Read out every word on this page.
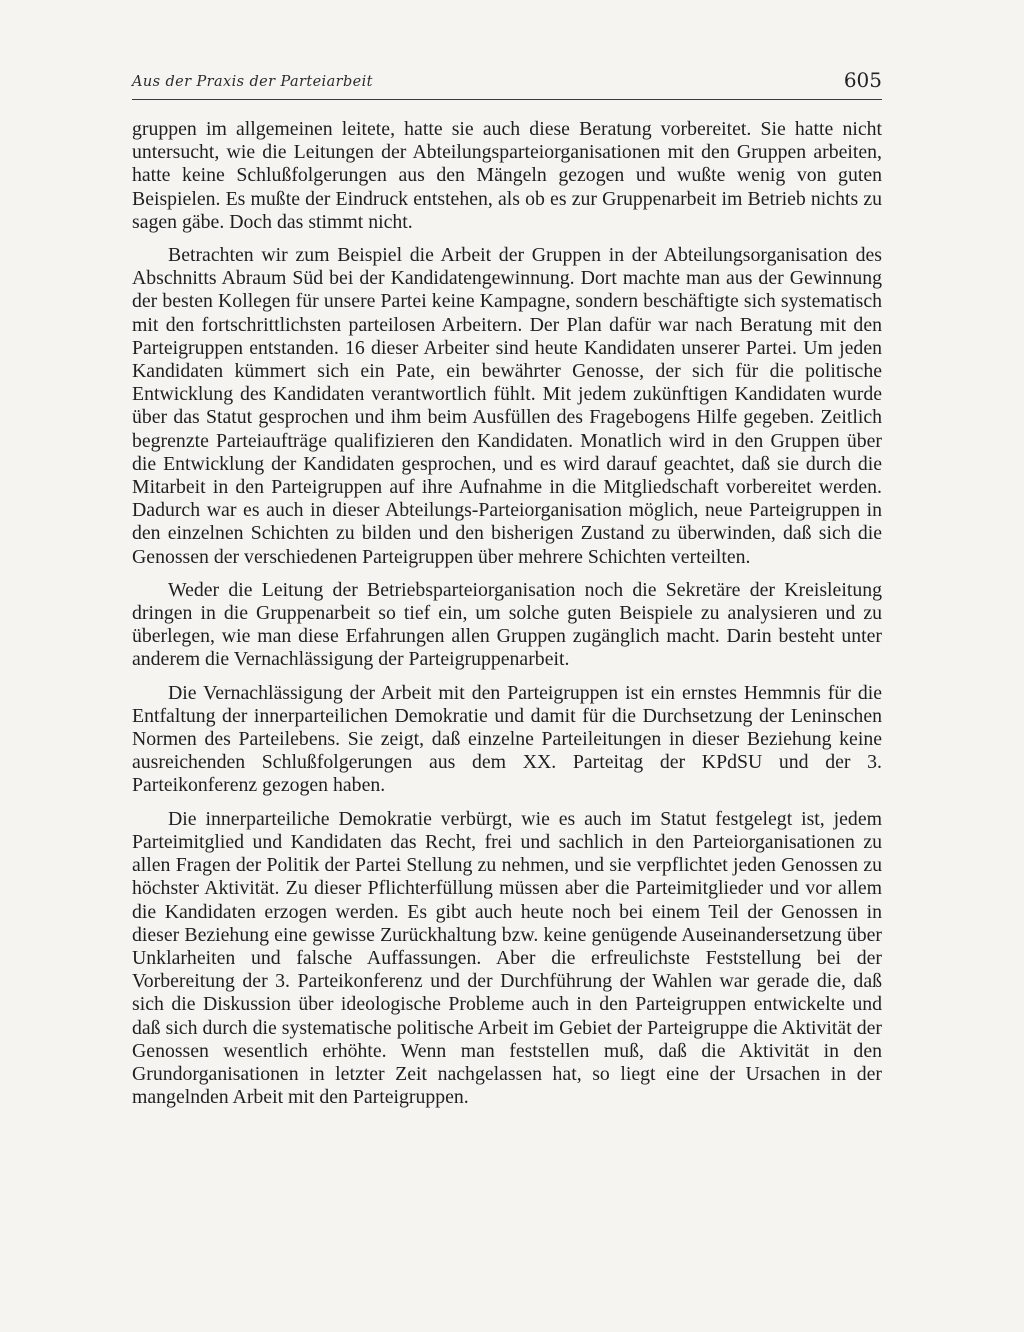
Aus der Praxis der Parteiarbeit	605

gruppen im allgemeinen leitete, hatte sie auch diese Beratung vorbereitet. Sie hatte nicht untersucht, wie die Leitungen der Abteilungsparteiorganisationen mit den Gruppen arbeiten, hatte keine Schlußfolgerungen aus den Mängeln gezogen und wußte wenig von guten Beispielen. Es mußte der Eindruck entstehen, als ob es zur Gruppenarbeit im Betrieb nichts zu sagen gäbe. Doch das stimmt nicht.

Betrachten wir zum Beispiel die Arbeit der Gruppen in der Abteilungsorganisation des Abschnitts Abraum Süd bei der Kandidatengewinnung. Dort machte man aus der Gewinnung der besten Kollegen für unsere Partei keine Kampagne, sondern beschäftigte sich systematisch mit den fortschrittlichsten parteilosen Arbeitern. Der Plan dafür war nach Beratung mit den Parteigruppen entstanden. 16 dieser Arbeiter sind heute Kandidaten unserer Partei. Um jeden Kandidaten kümmert sich ein Pate, ein bewährter Genosse, der sich für die politische Entwicklung des Kandidaten verantwortlich fühlt. Mit jedem zukünftigen Kandidaten wurde über das Statut gesprochen und ihm beim Ausfüllen des Fragebogens Hilfe gegeben. Zeitlich begrenzte Parteiaufträge qualifizieren den Kandidaten. Monatlich wird in den Gruppen über die Entwicklung der Kandidaten gesprochen, und es wird darauf geachtet, daß sie durch die Mitarbeit in den Parteigruppen auf ihre Aufnahme in die Mitgliedschaft vorbereitet werden. Dadurch war es auch in dieser Abteilungs-Parteiorganisation möglich, neue Parteigruppen in den einzelnen Schichten zu bilden und den bisherigen Zustand zu überwinden, daß sich die Genossen der verschiedenen Parteigruppen über mehrere Schichten verteilten.

Weder die Leitung der Betriebsparteiorganisation noch die Sekretäre der Kreisleitung dringen in die Gruppenarbeit so tief ein, um solche guten Beispiele zu analysieren und zu überlegen, wie man diese Erfahrungen allen Gruppen zugänglich macht. Darin besteht unter anderem die Vernachlässigung der Parteigruppenarbeit.

Die Vernachlässigung der Arbeit mit den Parteigruppen ist ein ernstes Hemmnis für die Entfaltung der innerparteilichen Demokratie und damit für die Durchsetzung der Leninschen Normen des Parteilebens. Sie zeigt, daß einzelne Parteileitungen in dieser Beziehung keine ausreichenden Schlußfolgerungen aus dem XX. Parteitag der KPdSU und der 3. Parteikonferenz gezogen haben.

Die innerparteiliche Demokratie verbürgt, wie es auch im Statut festgelegt ist, jedem Parteimitglied und Kandidaten das Recht, frei und sachlich in den Parteiorganisationen zu allen Fragen der Politik der Partei Stellung zu nehmen, und sie verpflichtet jeden Genossen zu höchster Aktivität. Zu dieser Pflichterfüllung müssen aber die Parteimitglieder und vor allem die Kandidaten erzogen werden. Es gibt auch heute noch bei einem Teil der Genossen in dieser Beziehung eine gewisse Zurückhaltung bzw. keine genügende Auseinandersetzung über Unklarheiten und falsche Auffassungen. Aber die erfreulichste Feststellung bei der Vorbereitung der 3. Parteikonferenz und der Durchführung der Wahlen war gerade die, daß sich die Diskussion über ideologische Probleme auch in den Parteigruppen entwickelte und daß sich durch die systematische politische Arbeit im Gebiet der Parteigruppe die Aktivität der Genossen wesentlich erhöhte. Wenn man feststellen muß, daß die Aktivität in den Grundorganisationen in letzter Zeit nachgelassen hat, so liegt eine der Ursachen in der mangelnden Arbeit mit den Parteigruppen.
